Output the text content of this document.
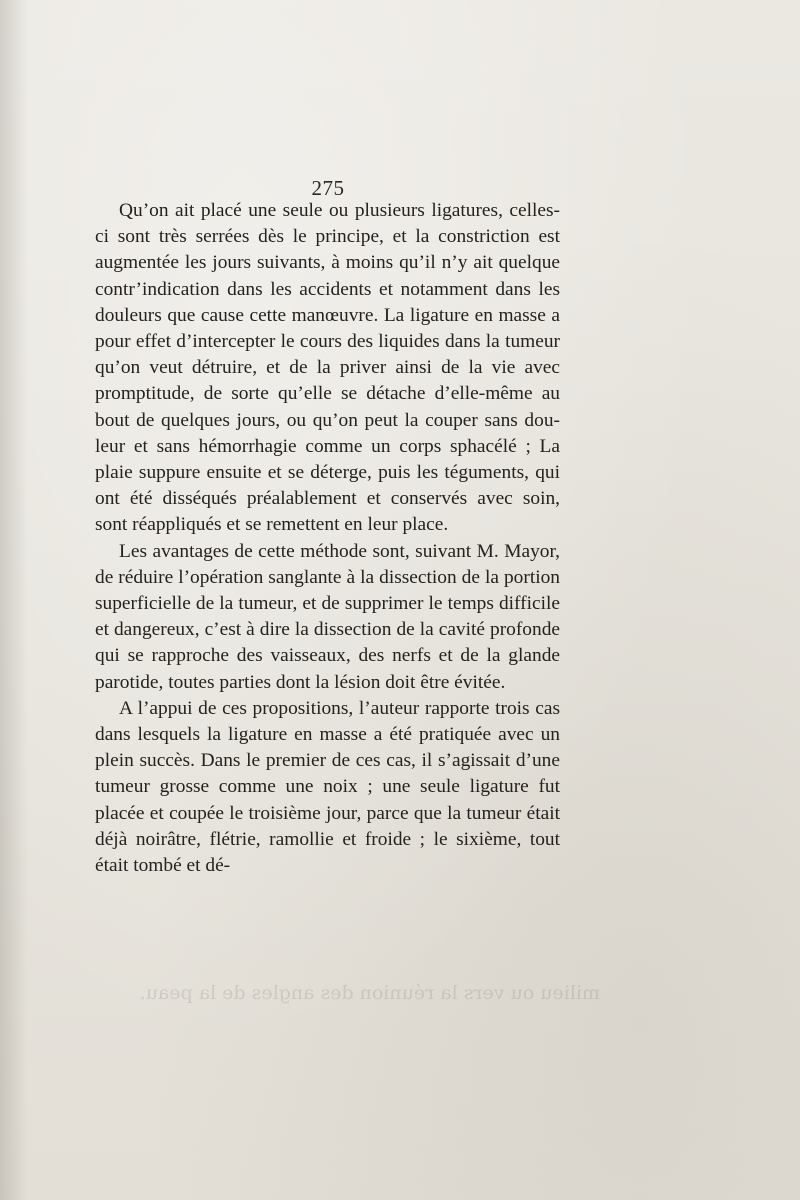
milieu ou vers la réunion des angles de la peau.
275

Qu’on ait placé une seule ou plusieurs ligatures, celles-ci sont très serrées dès le principe, et la constriction est augmentée les jours suivants, à moins qu’il n’y ait quelque contr’indication dans les accidents et notamment dans les douleurs que cause cette manœuvre. La ligature en masse a pour effet d’intercepter le cours des liquides dans la tumeur qu’on veut détruire, et de la priver ainsi de la vie avec promptitude, de sorte qu’elle se détache d’elle-même au bout de quelques jours, ou qu’on peut la couper sans douleur et sans hémorrhagie comme un corps sphacélé ; La plaie suppure ensuite et se déterge, puis les téguments, qui ont été disséqués préalablement et conservés avec soin, sont réappliqués et se remettent en leur place.

Les avantages de cette méthode sont, suivant M. Mayor, de réduire l’opération sanglante à la dissection de la portion superficielle de la tumeur, et de supprimer le temps difficile et dangereux, c’est à dire la dissection de la cavité profonde qui se rapproche des vaisseaux, des nerfs et de la glande parotide, toutes parties dont la lésion doit être évitée.

A l’appui de ces propositions, l’auteur rapporte trois cas dans lesquels la ligature en masse a été pratiquée avec un plein succès. Dans le premier de ces cas, il s’agissait d’une tumeur grosse comme une noix ; une seule ligature fut placée et coupée le troisième jour, parce que la tumeur était déjà noirâtre, flétrie, ramollie et froide ; le sixième, tout était tombé et dé-
